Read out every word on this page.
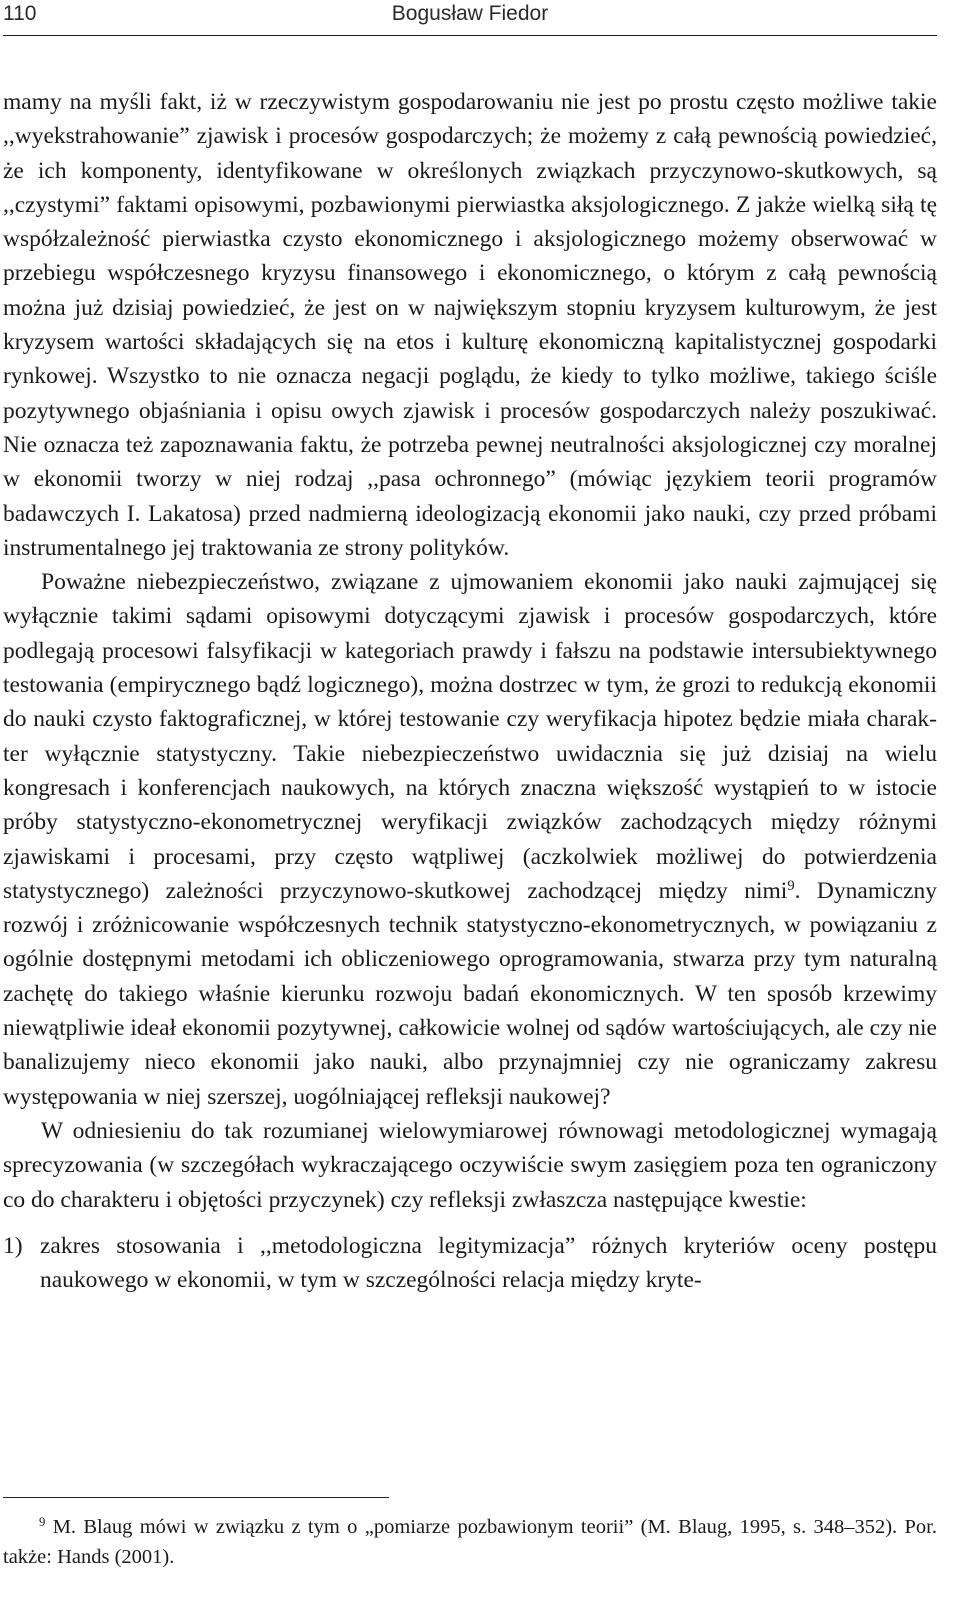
110	Bogusław Fiedor

mamy na myśli fakt, iż w rzeczywistym gospodarowaniu nie jest po prostu często możliwe takie ,,wyekstrahowanie” zjawisk i procesów gospodarczych; że możemy z całą pewnością powiedzieć, że ich komponenty, identyfikowane w określonych związkach przyczynowo-skutkowych, są ,,czystymi” faktami opisowymi, pozbawionymi pierwiastka aksjologicznego. Z jakże wielką siłą tę współzależność pierwiastka czysto ekonomicznego i aksjologicznego możemy obserwować w przebiegu współczesnego kryzysu finansowego i ekonomicznego, o którym z całą pewnością można już dzisiaj powiedzieć, że jest on w największym stopniu kryzysem kulturowym, że jest kryzysem wartości składających się na etos i kulturę ekonomiczną kapitalistycznej gospodarki rynkowej. Wszystko to nie oznacza negacji poglądu, że kiedy to tylko możliwe, takiego ściśle pozytywnego objaśniania i opisu owych zjawisk i procesów gospodarczych należy poszukiwać. Nie oznacza też zapoznawania faktu, że potrzeba pewnej neutralności aksjologicznej czy moralnej w ekonomii tworzy w niej rodzaj ,,pasa ochronnego” (mówiąc językiem teorii programów badawczych I. Lakatosa) przed nadmierną ideologizacją ekonomii jako nauki, czy przed próbami instrumentalnego jej traktowania ze strony polityków.

Poważne niebezpieczeństwo, związane z ujmowaniem ekonomii jako nauki zajmującej się wyłącznie takimi sądami opisowymi dotyczącymi zjawisk i procesów gospodarczych, które podlegają procesowi falsyfikacji w kategoriach prawdy i fałszu na podstawie intersubiektywnego testowania (empirycznego bądź logicznego), można dostrzec w tym, że grozi to redukcją ekonomii do nauki czysto faktograficznej, w której testowanie czy weryfikacja hipotez będzie miała charakter wyłącznie statystyczny. Takie niebezpieczeństwo uwidacznia się już dzisiaj na wielu kongresach i konferencjach naukowych, na których znaczna większość wystąpień to w istocie próby statystyczno-ekonometrycznej weryfikacji związków zachodzących między różnymi zjawiskami i procesami, przy często wątpliwej (aczkolwiek możliwej do potwierdzenia statystycznego) zależności przyczynowo-skutkowej zachodzącej między nimi$^9$. Dynamiczny rozwój i zróżnicowanie współczesnych technik statystyczno-ekonometrycznych, w powiązaniu z ogólnie dostępnymi metodami ich obliczeniowego oprogramowania, stwarza przy tym naturalną zachętę do takiego właśnie kierunku rozwoju badań ekonomicznych. W ten sposób krzewimy niewątpliwie ideał ekonomii pozytywnej, całkowicie wolnej od sądów wartościujących, ale czy nie banalizujemy nieco ekonomii jako nauki, albo przynajmniej czy nie ograniczamy zakresu występowania w niej szerszej, uogólniającej refleksji naukowej?

W odniesieniu do tak rozumianej wielowymiarowej równowagi metodologicznej wymagają sprecyzowania (w szczegółach wykraczającego oczywiście swym zasięgiem poza ten ograniczony co do charakteru i objętości przyczynek) czy refleksji zwłaszcza następujące kwestie:

1) zakres stosowania i ,,metodologiczna legitymizacja” różnych kryteriów oceny postępu naukowego w ekonomii, w tym w szczególności relacja między kryte-

$^9$ M. Blaug mówi w związku z tym o „pomiarze pozbawionym teorii” (M. Blaug, 1995, s. 348–352). Por. także: Hands (2001).
